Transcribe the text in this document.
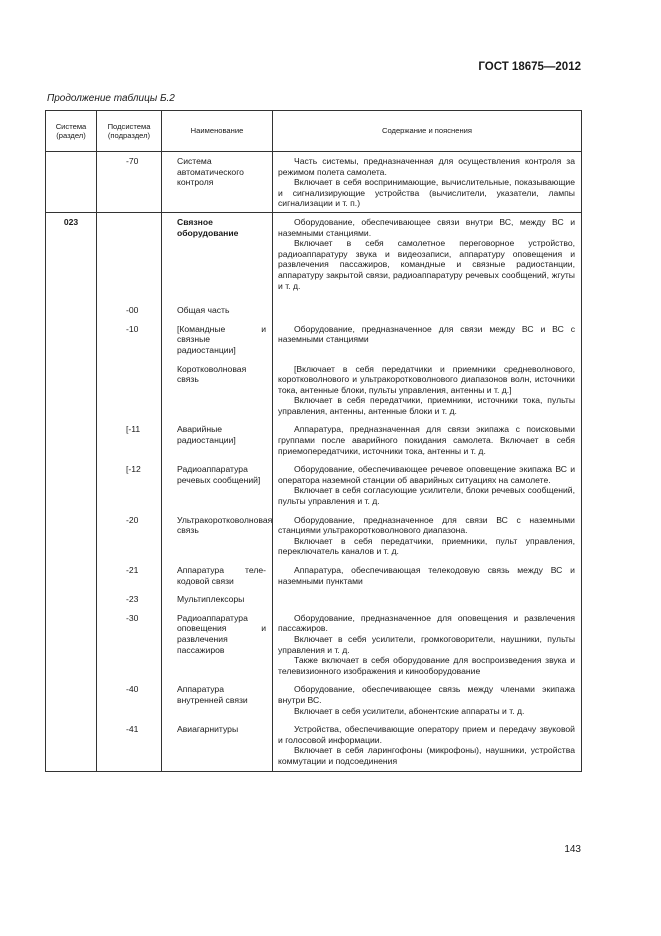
ГОСТ 18675—2012
Продолжение таблицы Б.2
Система (раздел)	Подсистема (подраздел)	Наименование	Содержание и пояснения

	-70	Система автоматического контроля	Часть системы, предназначенная для осуществления контроля за режимом полета самолета.

Включает в себя воспринимающие, вычислительные, показывающие и сигнализирующие устройства (вычислители, указатели, лампы сигнализации и т. п.)

023		Связное оборудование	Оборудование, обеспечивающее связи внутри ВС, между ВС и наземными станциями.

Включает в себя самолетное переговорное устройство, радиоаппаратуру звука и видеозаписи, аппаратуру оповещения и развлечения пассажиров, командные и связные радиостанции, аппаратуру закрытой связи, радиоаппаратуру речевых сообщений, жгуты и т. д.

	-00	Общая часть	

	-10	[Командные и связные радиостанции]	Оборудование, предназначенное для связи между ВС и ВС с наземными станциями

		Коротковолновая связь	[Включает в себя передатчики и приемники средневолнового, коротковолнового и ультракоротковолнового диапазонов волн, источники тока, антенные блоки, пульты управления, антенны и т. д.]

Включает в себя передатчики, приемники, источники тока, пульты управления, антенны, антенные блоки и т. д.

	[-11	Аварийные радиостанции]	Аппаратура, предназначенная для связи экипажа с поисковыми группами после аварийного покидания самолета. Включает в себя приемопередатчики, источники тока, антенны и т. д.

	[-12	Радиоаппаратура речевых сообщений]	Оборудование, обеспечивающее речевое оповещение экипажа ВС и оператора наземной станции об аварийных ситуациях на самолете.

Включает в себя согласующие усилители, блоки речевых сообщений, пульты управления и т. д.

	-20	Ультракоротковолновая связь	Оборудование, предназначенное для связи ВС с наземными станциями ультракоротковолнового диапазона.

Включает в себя передатчики, приемники, пульт управления, переключатель каналов и т. д.

	-21	Аппаратура телекодовой связи	Аппаратура, обеспечивающая телекодовую связь между ВС и наземными пунктами

	-23	Мультиплексоры	

	-30	Радиоаппаратура оповещения и развлечения пассажиров	Оборудование, предназначенное для оповещения и развлечения пассажиров.

Включает в себя усилители, громкоговорители, наушники, пульты управления и т. д.

Также включает в себя оборудование для воспроизведения звука и телевизионного изображения и кинооборудование

	-40	Аппаратура внутренней связи	Оборудование, обеспечивающее связь между членами экипажа внутри ВС.

Включает в себя усилители, абонентские аппараты и т. д.

	-41	Авиагарнитуры	Устройства, обеспечивающие оператору прием и передачу звуковой и голосовой информации.

Включает в себя ларингофоны (микрофоны), наушники, устройства коммутации и подсоединения

143
